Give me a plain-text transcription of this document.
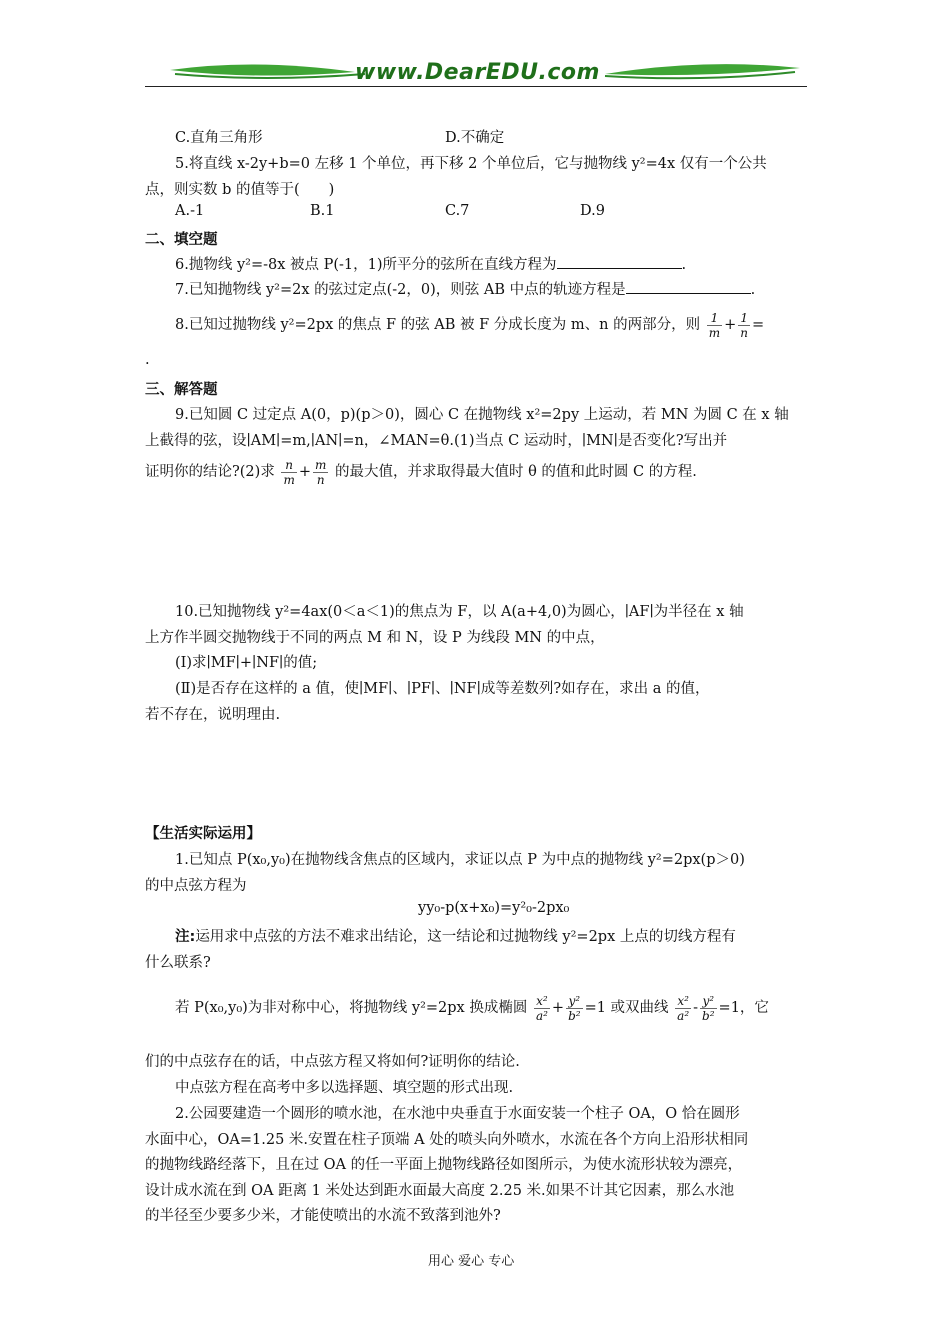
www.DearEDU.com
C.直角三角形	D.不确定
5.将直线 x-2y+b=0 左移 1 个单位，再下移 2 个单位后，它与抛物线 y²=4x 仅有一个公共
点，则实数 b 的值等于(　　)
A.-1	B.1	C.7	D.9
二、填空题
6.抛物线 y²=-8x 被点 P(-1，1)所平分的弦所在直线方程为	.
7.已知抛物线 y²=2x 的弦过定点(-2，0)，则弦 AB 中点的轨迹方程是	.
8.已知过抛物线 y²=2px 的焦点 F 的弦 AB 被 F 分成长度为 m、n 的两部分，则 $\frac{1}{m} + \frac{1}{n}$ =
.
三、解答题
9.已知圆 C 过定点 A(0，p)(p＞0)，圆心 C 在抛物线 x²=2py 上运动，若 MN 为圆 C 在 x 轴
上截得的弦，设∣AM∣=m,∣AN∣=n，∠MAN=θ.(1)当点 C 运动时，∣MN∣是否变化?写出并
证明你的结论?(2)求 $\frac{n}{m} + \frac{m}{n}$ 的最大值，并求取得最大值时 θ 的值和此时圆 C 的方程.
10.已知抛物线 y²=4ax(0＜a＜1)的焦点为 F，以 A(a+4,0)为圆心，∣AF∣为半径在 x 轴
上方作半圆交抛物线于不同的两点 M 和 N，设 P 为线段 MN 的中点，
(Ⅰ)求∣MF∣+∣NF∣的值;
(Ⅱ)是否存在这样的 a 值，使∣MF∣、∣PF∣、∣NF∣成等差数列?如存在，求出 a 的值，
若不存在，说明理由.
【生活实际运用】
1.已知点 P(x₀,y₀)在抛物线含焦点的区域内，求证以点 P 为中点的抛物线 y²=2px(p＞0)
的中点弦方程为
yy₀-p(x+x₀)=y²₀-2px₀
注:运用求中点弦的方法不难求出结论，这一结论和过抛物线 y²=2px 上点的切线方程有
什么联系?
若 P(x₀,y₀)为非对称中心，将抛物线 y²=2px 换成椭圆 $\frac{\text{x²}}{\text{a²}} + \frac{\text{y²}}{\text{b²}} =1$ 或双曲线 $\frac{\text{x²}}{\text{a²}} - \frac{\text{y²}}{\text{b²}} =1$，它
们的中点弦存在的话，中点弦方程又将如何?证明你的结论.
中点弦方程在高考中多以选择题、填空题的形式出现.
2.公园要建造一个圆形的喷水池，在水池中央垂直于水面安装一个柱子 OA，O 恰在圆形
水面中心，OA=1.25 米.安置在柱子顶端 A 处的喷头向外喷水，水流在各个方向上沿形状相同
的抛物线路经落下，且在过 OA 的任一平面上抛物线路径如图所示，为使水流形状较为漂亮，
设计成水流在到 OA 距离 1 米处达到距水面最大高度 2.25 米.如果不计其它因素，那么水池
的半径至少要多少米，才能使喷出的水流不致落到池外?
用心 爱心 专心
